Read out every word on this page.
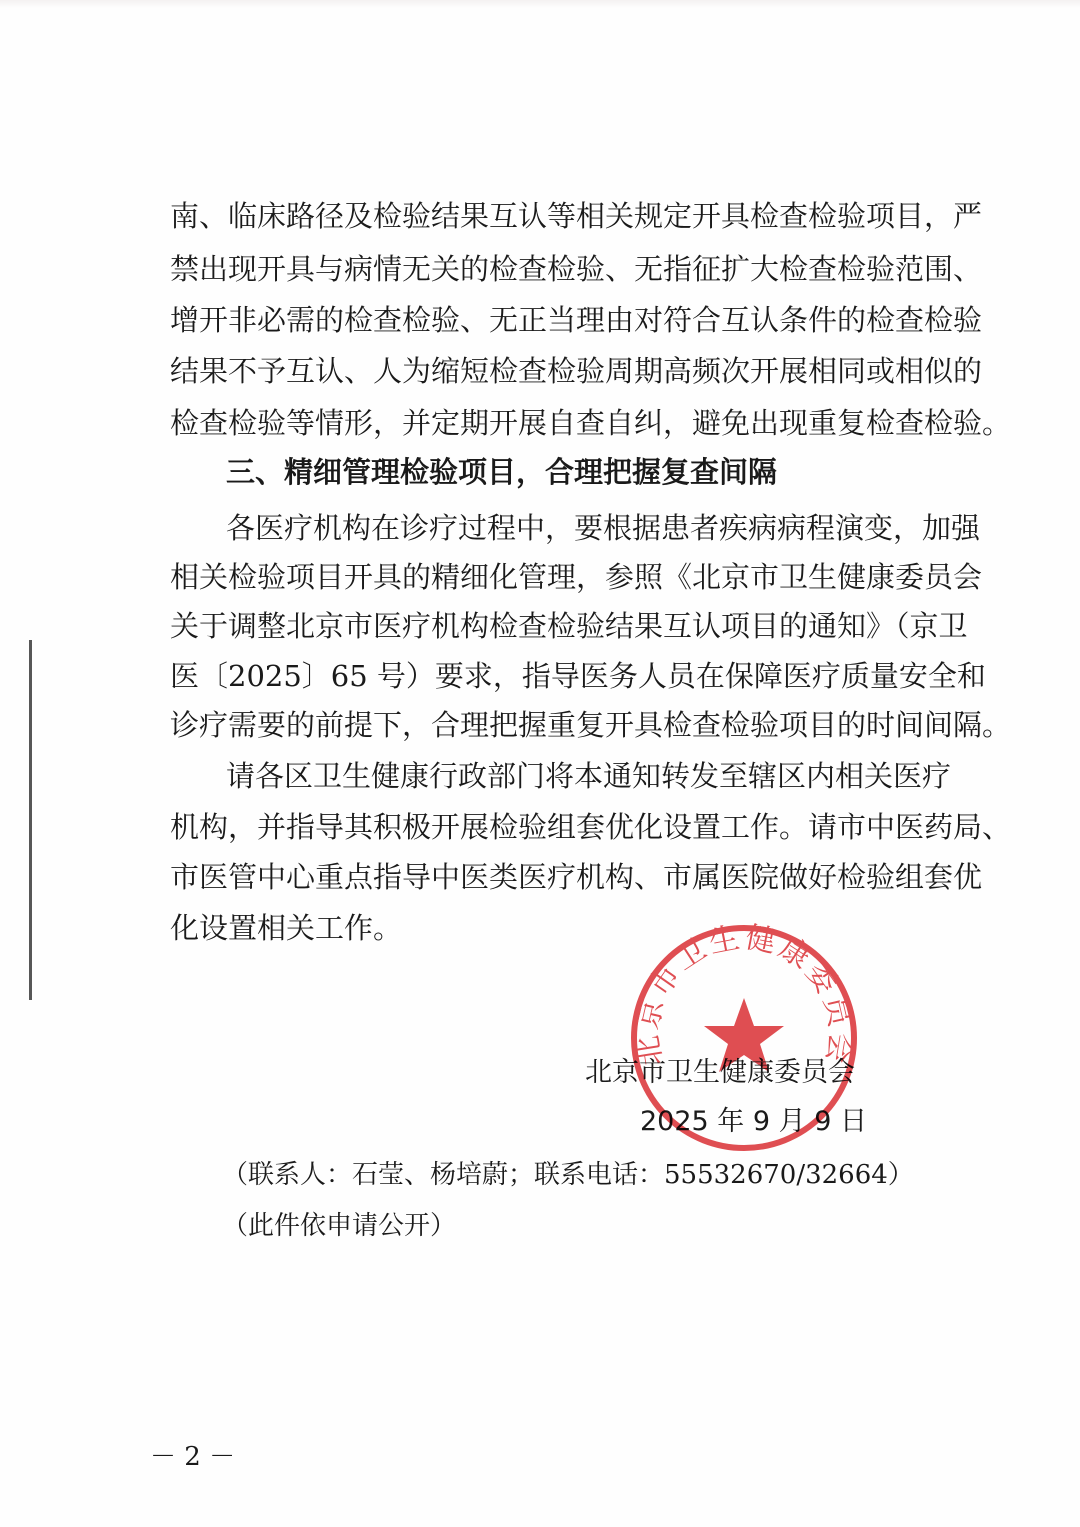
南、临床路径及检验结果互认等相关规定开具检查检验项目，严
禁出现开具与病情无关的检查检验、无指征扩大检查检验范围、
增开非必需的检查检验、无正当理由对符合互认条件的检查检验
结果不予互认、人为缩短检查检验周期高频次开展相同或相似的
检查检验等情形，并定期开展自查自纠，避免出现重复检查检验。
三、精细管理检验项目，合理把握复查间隔
各医疗机构在诊疗过程中，要根据患者疾病病程演变，加强
相关检验项目开具的精细化管理，参照《北京市卫生健康委员会
关于调整北京市医疗机构检查检验结果互认项目的通知》（京卫
医〔2025〕65 号）要求，指导医务人员在保障医疗质量安全和
诊疗需要的前提下，合理把握重复开具检查检验项目的时间间隔。
请各区卫生健康行政部门将本通知转发至辖区内相关医疗
机构，并指导其积极开展检验组套优化设置工作。请市中医药局、
市医管中心重点指导中医类医疗机构、市属医院做好检验组套优
化设置相关工作。
北京市卫生健康委员会
2025 年 9 月 9 日
北京市卫生健康委员会
（联系人：石莹、杨培蔚；联系电话：55532670/32664）
（此件依申请公开）
－ 2 －
